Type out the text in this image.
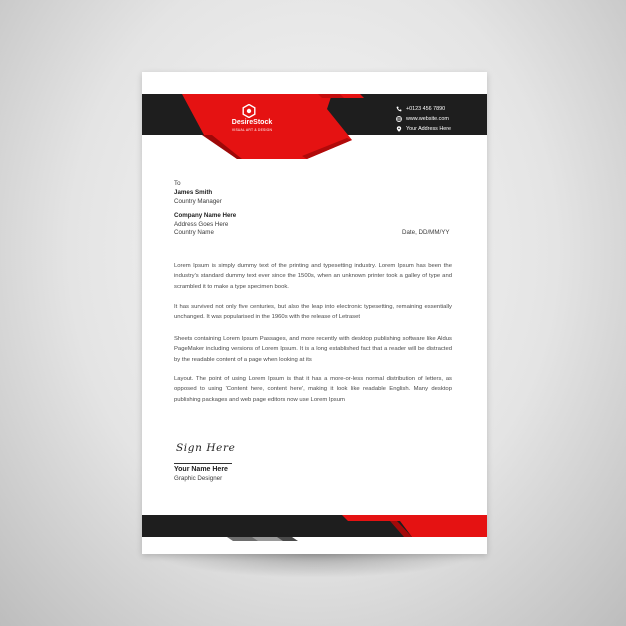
DesireStock
VISUAL ART & DESIGN
+0123 456 7890
www.website.com
Your Address Here
To
James Smith
Country Manager
Company Name Here
Address Goes Here
Country Name	Date, DD/MM/YY
Lorem Ipsum is simply dummy text of the printing and typesetting industry. Lorem Ipsum has been the industry's standard dummy text ever since the 1500s, when an unknown printer took a galley of type and scrambled it to make a type specimen book.
It has survived not only five centuries, but also the leap into electronic typesetting, remaining essentially unchanged. It was popularised in the 1960s with the release of Letraset
Sheets containing Lorem Ipsum Passages, and more recently with desktop publishing software like Aldus PageMaker including versions of Lorem Ipsum. It is a long established fact that a reader will be distracted by the readable content of a page when looking at its
Layout. The point of using Lorem Ipsum is that it has a more-or-less normal distribution of letters, as opposed to using 'Content here, content here', making it look like readable English. Many desktop publishing packages and web page editors now use Lorem Ipsum
Sign Here
Your Name Here
Graphic Designer
